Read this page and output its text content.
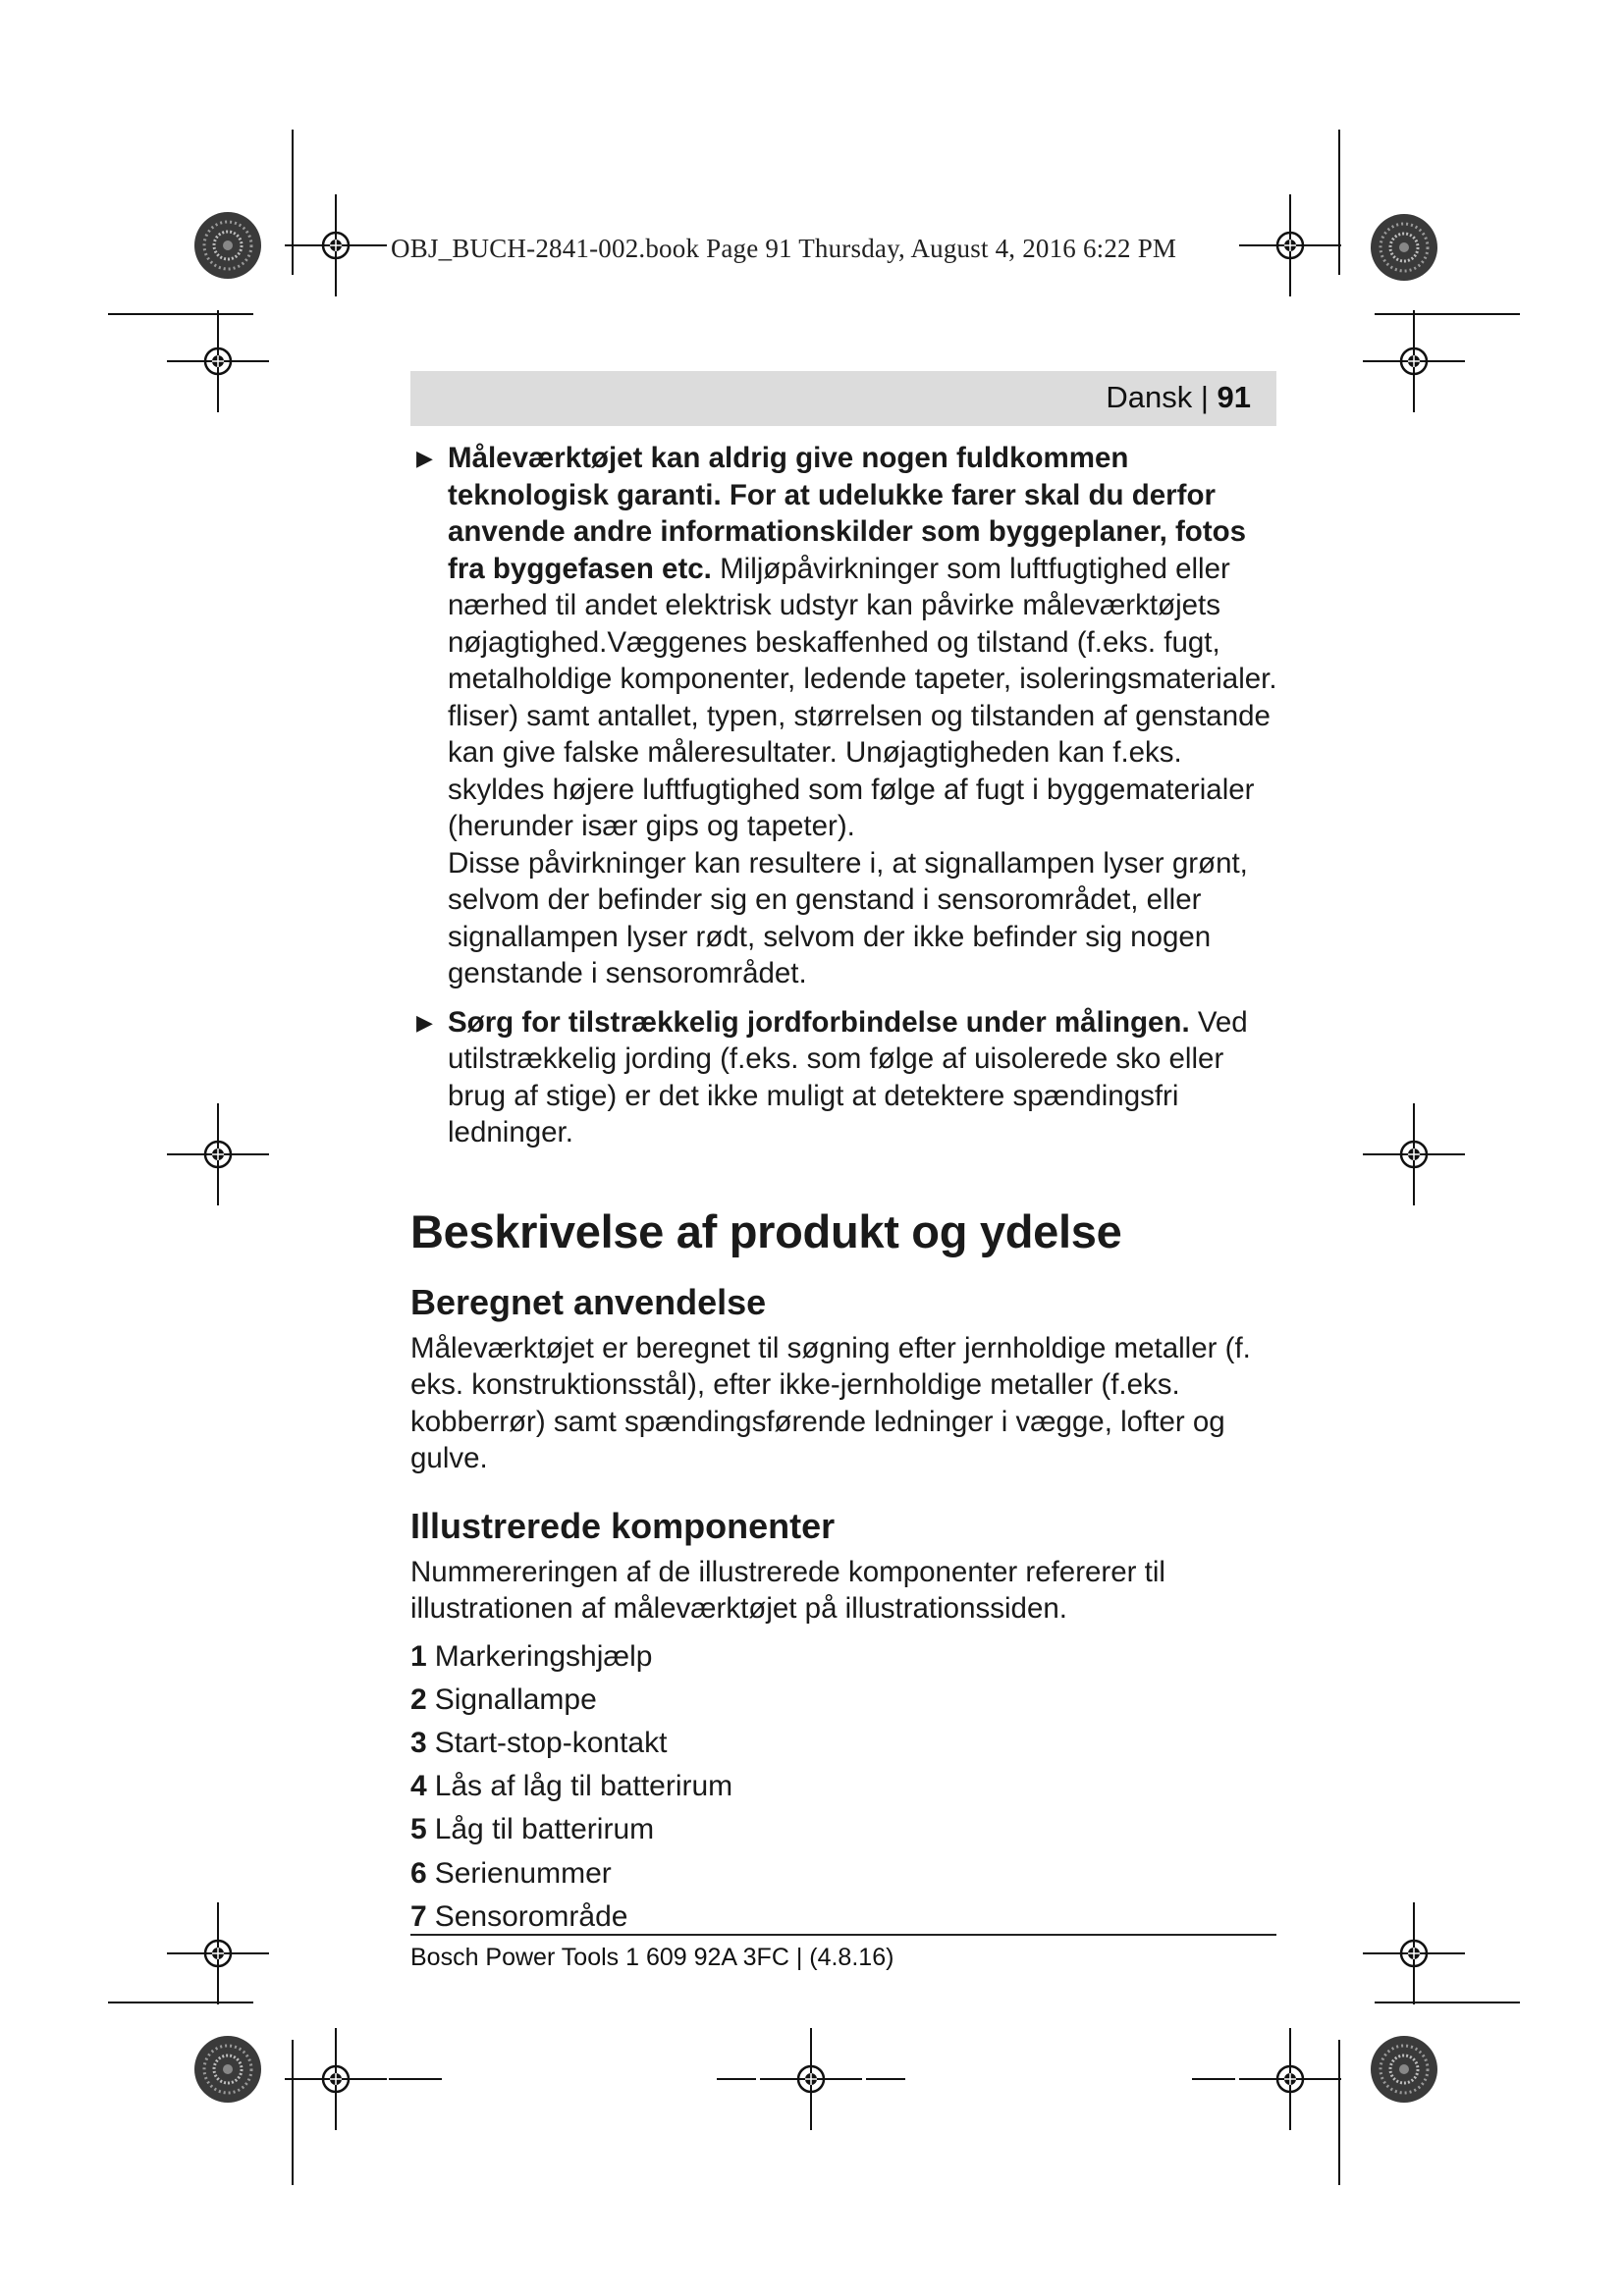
OBJ_BUCH-2841-002.book Page 91 Thursday, August 4, 2016 6:22 PM
Dansk | 91
▶ Måleværktøjet kan aldrig give nogen fuldkommen teknologisk garanti. For at udelukke farer skal du derfor anvende andre informationskilder som byggeplaner, fotos fra byggefasen etc. Miljøpåvirkninger som luftfugtighed eller nærhed til andet elektrisk udstyr kan påvirke måleværktøjets nøjagtighed.Væggenes beskaffenhed og tilstand (f.eks. fugt, metalholdige komponenter, ledende tapeter, isoleringsmaterialer. fliser) samt antallet, typen, størrelsen og tilstanden af genstande kan give falske måleresultater. Unøjagtigheden kan f.eks. skyldes højere luftfugtighed som følge af fugt i byggematerialer (herunder især gips og tapeter).

Disse påvirkninger kan resultere i, at signallampen lyser grønt, selvom der befinder sig en genstand i sensorområdet, eller signallampen lyser rødt, selvom der ikke befinder sig nogen genstande i sensorområdet.

▶ Sørg for tilstrækkelig jordforbindelse under målingen. Ved utilstrækkelig jording (f.eks. som følge af uisolerede sko eller brug af stige) er det ikke muligt at detektere spændingsfri ledninger.

Beskrivelse af produkt og ydelse
Beregnet anvendelse

Måleværktøjet er beregnet til søgning efter jernholdige metaller (f. eks. konstruktionsstål), efter ikke-jernholdige metaller (f.eks. kobberrør) samt spændingsførende ledninger i vægge, lofter og gulve.

Illustrerede komponenter

Nummereringen af de illustrerede komponenter refererer til illustrationen af måleværktøjet på illustrationssiden.

1 Markeringshjælp
2 Signallampe
3 Start-stop-kontakt
4 Lås af låg til batterirum
5 Låg til batterirum
6 Serienummer
7 Sensorområde
Bosch Power Tools 1 609 92A 3FC | (4.8.16)
